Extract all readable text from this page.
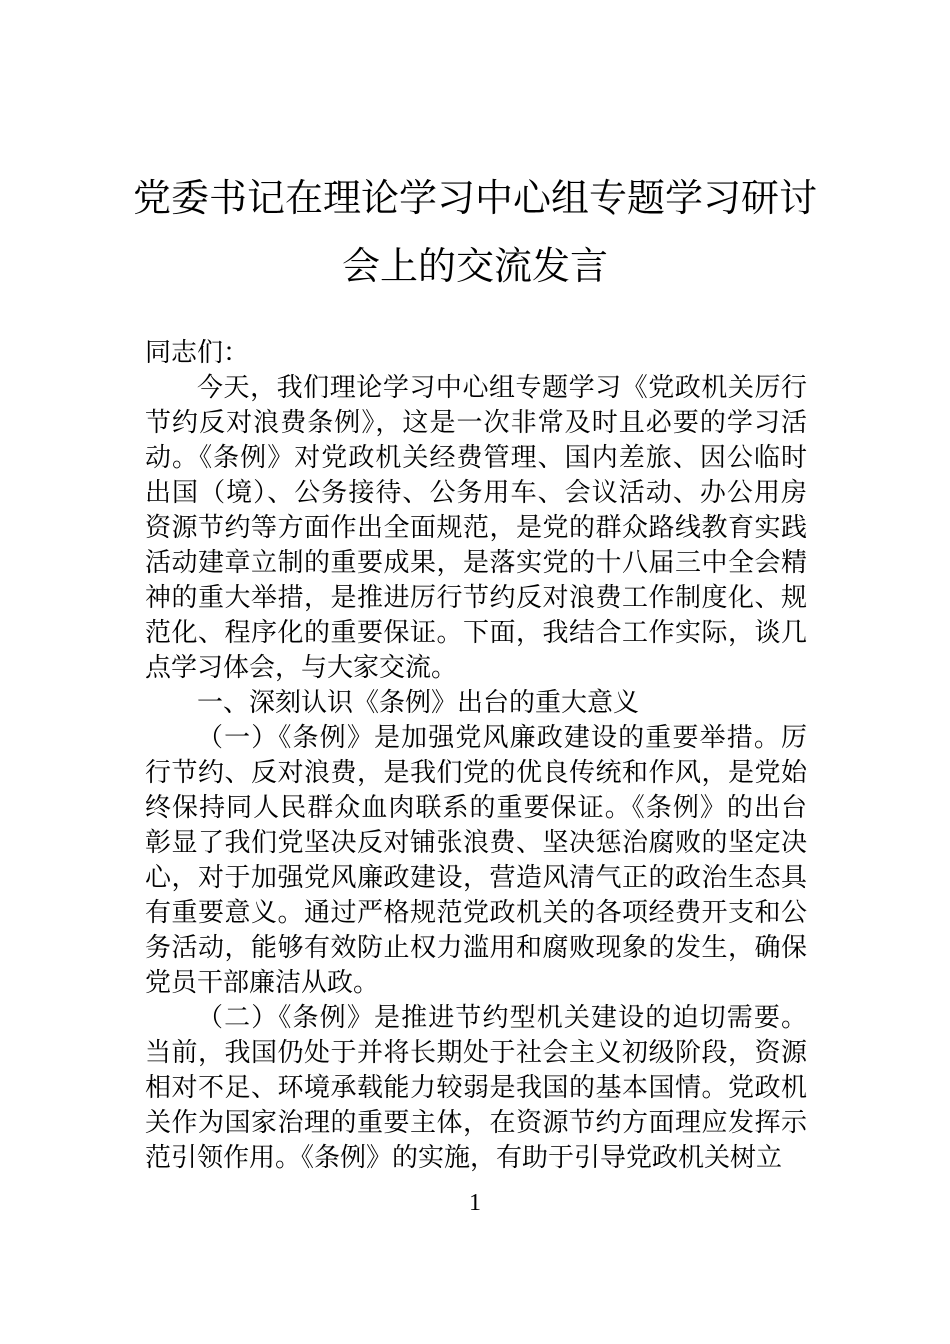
党委书记在理论学习中心组专题学习研讨
会上的交流发言

同志们：

今天，我们理论学习中心组专题学习《党政机关厉行节约反对浪费条例》，这是一次非常及时且必要的学习活动。《条例》对党政机关经费管理、国内差旅、因公临时出国（境）、公务接待、公务用车、会议活动、办公用房资源节约等方面作出全面规范，是党的群众路线教育实践活动建章立制的重要成果，是落实党的十八届三中全会精神的重大举措，是推进厉行节约反对浪费工作制度化、规范化、程序化的重要保证。下面，我结合工作实际，谈几点学习体会，与大家交流。

一、深刻认识《条例》出台的重大意义

（一）《条例》是加强党风廉政建设的重要举措。厉行节约、反对浪费，是我们党的优良传统和作风，是党始终保持同人民群众血肉联系的重要保证。《条例》的出台彰显了我们党坚决反对铺张浪费、坚决惩治腐败的坚定决心，对于加强党风廉政建设，营造风清气正的政治生态具有重要意义。通过严格规范党政机关的各项经费开支和公务活动，能够有效防止权力滥用和腐败现象的发生，确保党员干部廉洁从政。

（二）《条例》是推进节约型机关建设的迫切需要。当前，我国仍处于并将长期处于社会主义初级阶段，资源相对不足、环境承载能力较弱是我国的基本国情。党政机关作为国家治理的重要主体，在资源节约方面理应发挥示范引领作用。《条例》的实施，有助于引导党政机关树立

1
